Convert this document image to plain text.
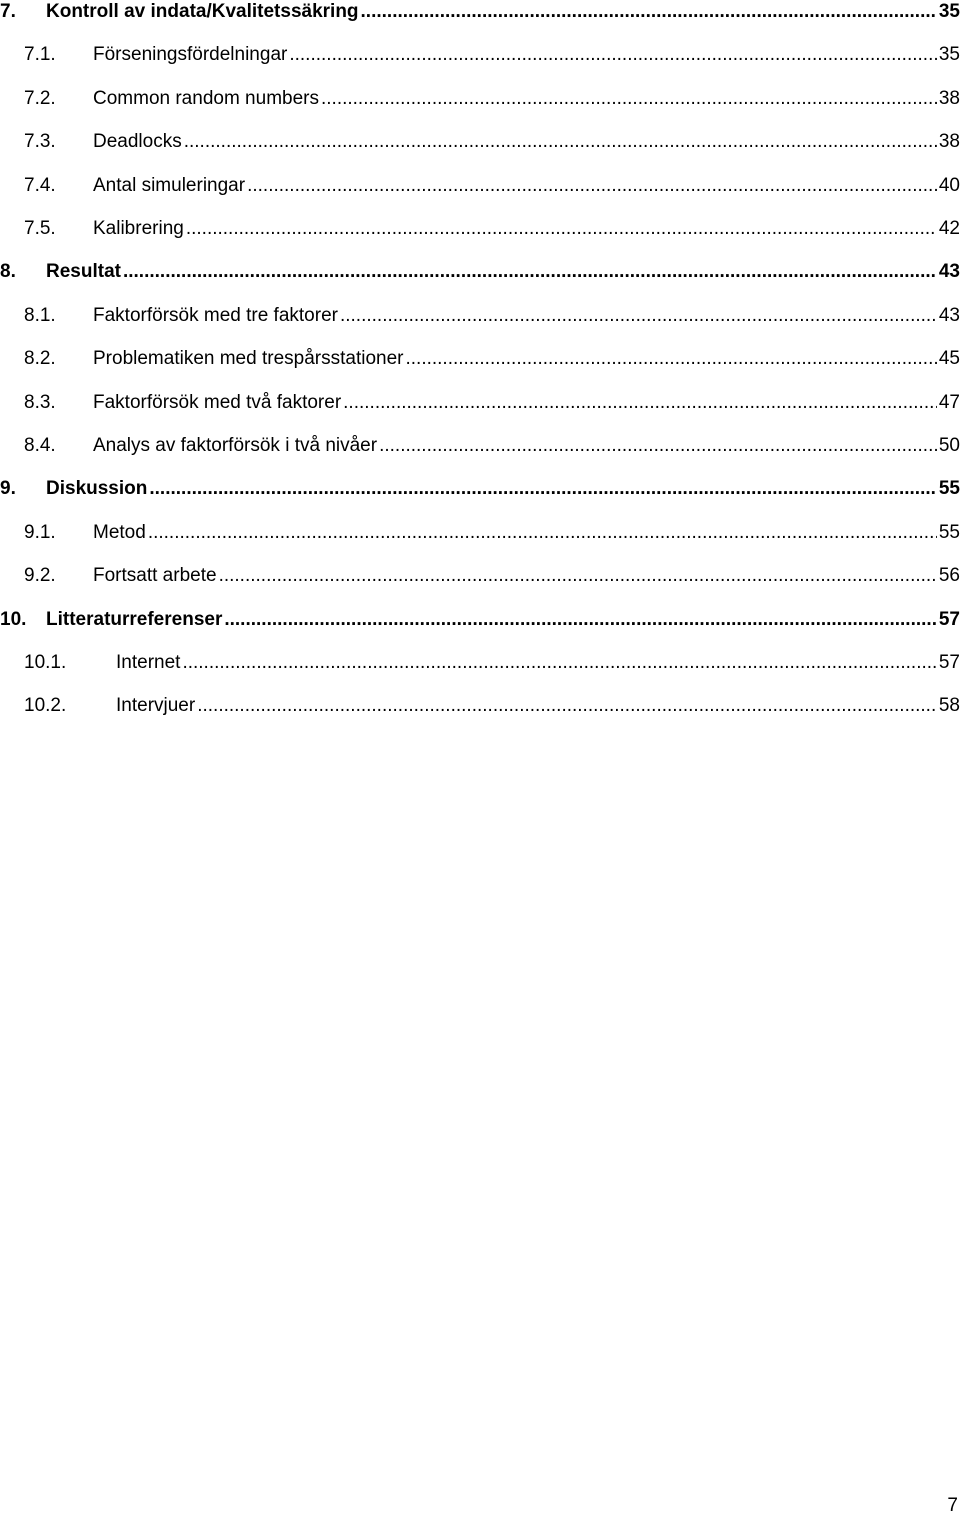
7. Kontroll av indata/Kvalitetssäkring .....	35
7.1. Förseningsfördelningar .....	35
7.2. Common random numbers .....	38
7.3. Deadlocks .....	38
7.4. Antal simuleringar .....	40
7.5. Kalibrering .....	42
8. Resultat .....	43
8.1. Faktorförsök med tre faktorer .....	43
8.2. Problematiken med trespårsstationer .....	45
8.3. Faktorförsök med två faktorer .....	47
8.4. Analys av faktorförsök i två nivåer .....	50
9. Diskussion .....	55
9.1. Metod .....	55
9.2. Fortsatt arbete .....	56
10. Litteraturreferenser .....	57
10.1.	Internet .....	57
10.2.	Intervjuer .....	58
7
